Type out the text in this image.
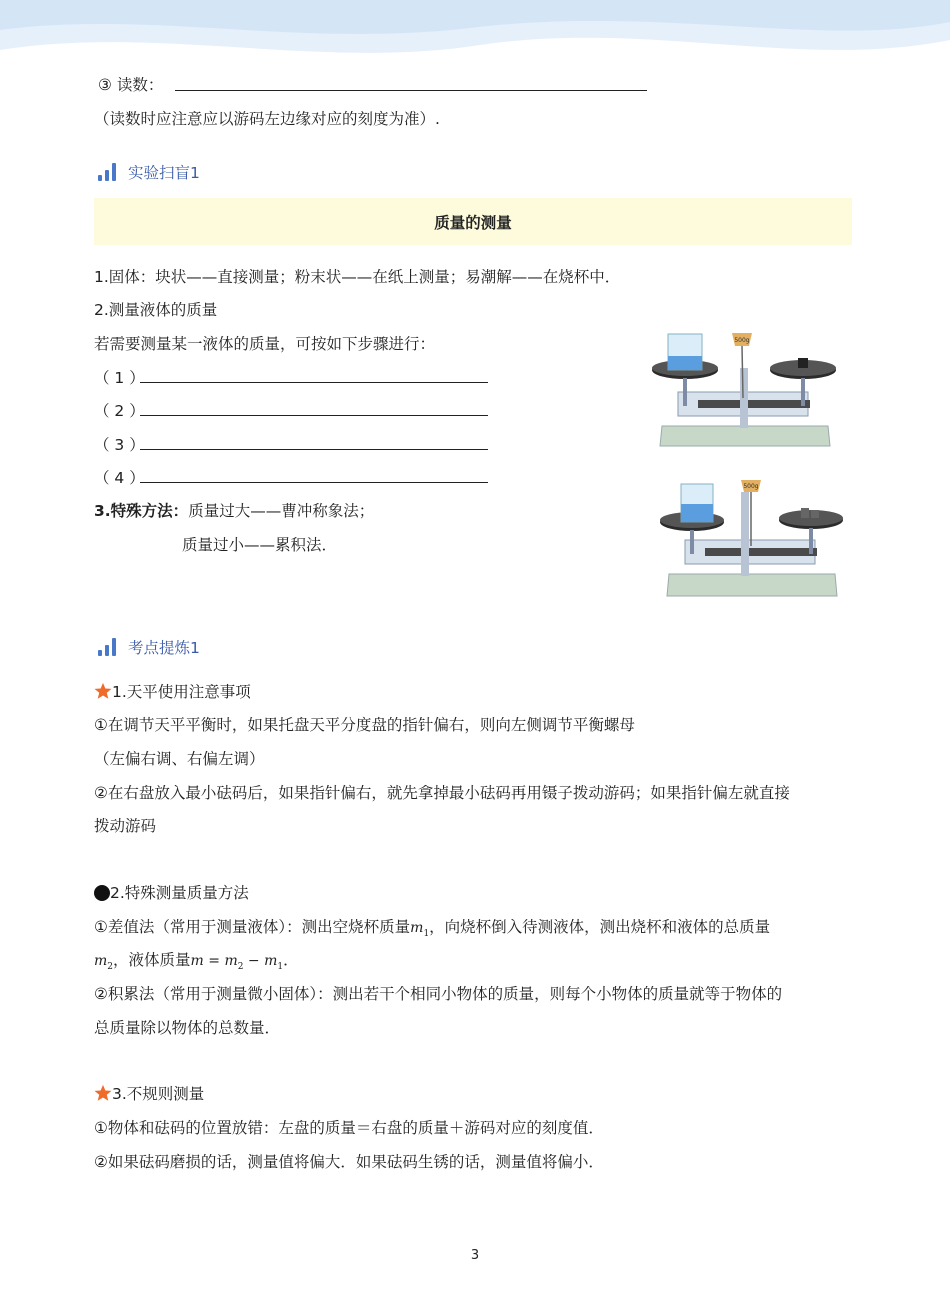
③ 读数：
（读数时应注意应以游码左边缘对应的刻度为准）.
实验扫盲1
质量的测量
1.固体：块状——直接测量；粉末状——在纸上测量；易潮解——在烧杯中．
2.测量液体的质量
若需要测量某一液体的质量，可按如下步骤进行：
（ 1 ）
（ 2 ）
（ 3 ）
（ 4 ）
3.特殊方法：质量过大——曹冲称象法；
质量过小——累积法．
500g
500g
考点提炼1
1.天平使用注意事项
①在调节天平平衡时，如果托盘天平分度盘的指针偏右，则向左侧调节平衡螺母
（左偏右调、右偏左调）
②在右盘放入最小砝码后，如果指针偏右，就先拿掉最小砝码再用镊子拨动游码；如果指针偏左就直接
拨动游码
2.特殊测量质量方法
①差值法（常用于测量液体）：测出空烧杯质量$m_1$，向烧杯倒入待测液体，测出烧杯和液体的总质量
$m_2$，液体质量$m = m_2 - m_1$．
②积累法（常用于测量微小固体）：测出若干个相同小物体的质量，则每个小物体的质量就等于物体的
总质量除以物体的总数量．
3.不规则测量
①物体和砝码的位置放错：左盘的质量＝右盘的质量＋游码对应的刻度值．
②如果砝码磨损的话，测量值将偏大．如果砝码生锈的话，测量值将偏小．
3
